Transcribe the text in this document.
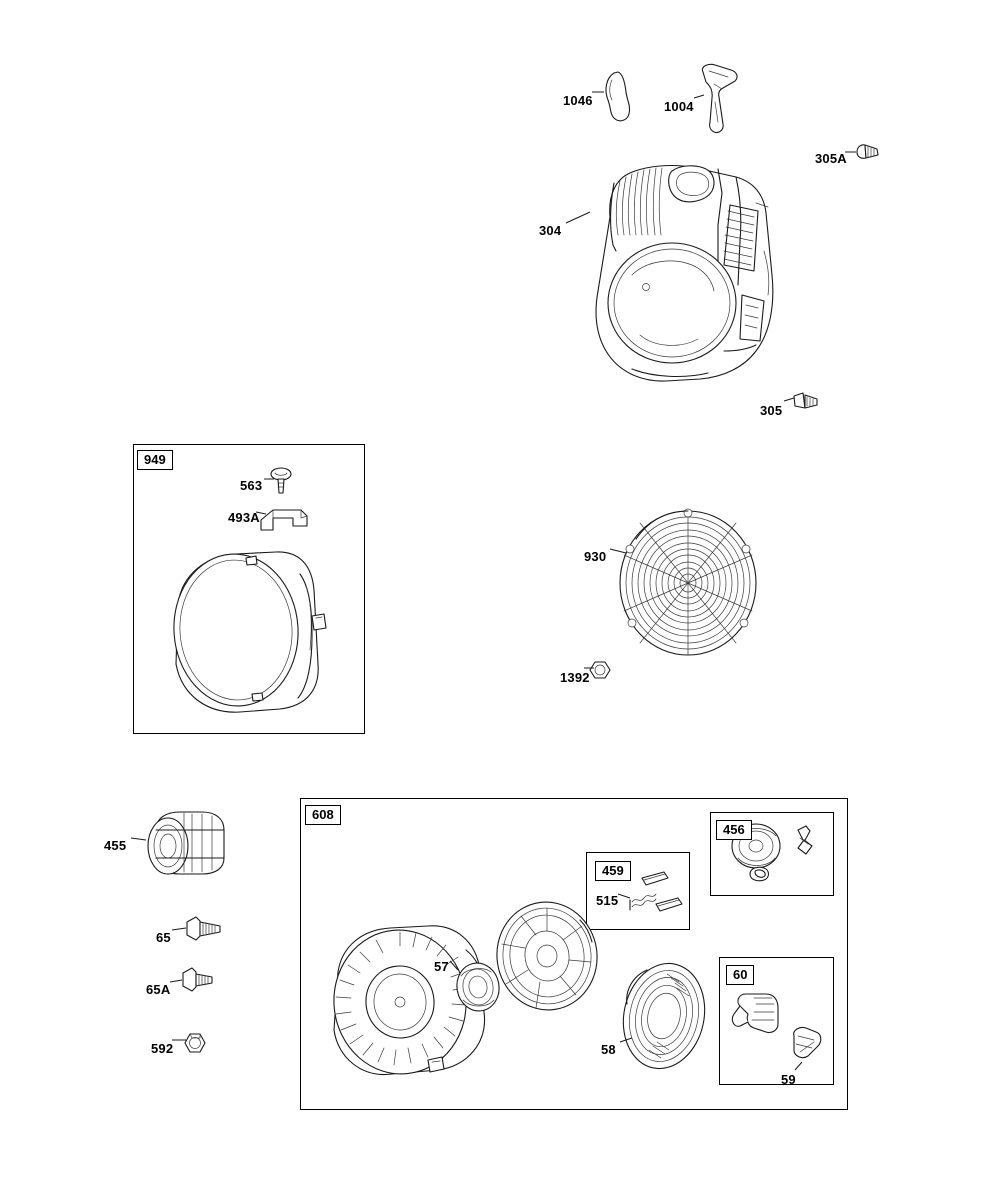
1046	1004
305A
304
305
949
563
493A
930
1392
608
456
455
459
515
65
57
60
65A
58
592
59
